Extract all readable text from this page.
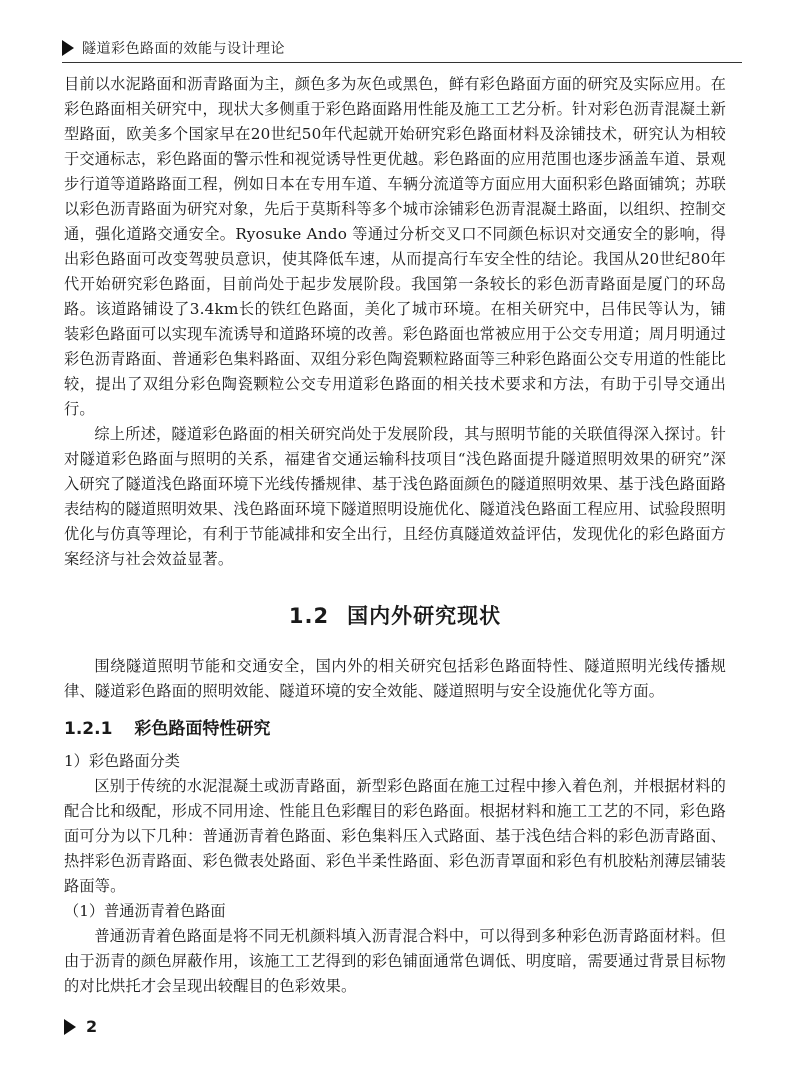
隧道彩色路面的效能与设计理论

目前以水泥路面和沥青路面为主，颜色多为灰色或黑色，鲜有彩色路面方面的研究及实际应用。在彩色路面相关研究中，现状大多侧重于彩色路面路用性能及施工工艺分析。针对彩色沥青混凝土新型路面，欧美多个国家早在20世纪50年代起就开始研究彩色路面材料及涂铺技术，研究认为相较于交通标志，彩色路面的警示性和视觉诱导性更优越。彩色路面的应用范围也逐步涵盖车道、景观步行道等道路路面工程，例如日本在专用车道、车辆分流道等方面应用大面积彩色路面铺筑；苏联以彩色沥青路面为研究对象，先后于莫斯科等多个城市涂铺彩色沥青混凝土路面，以组织、控制交通，强化道路交通安全。Ryosuke Ando 等通过分析交叉口不同颜色标识对交通安全的影响，得出彩色路面可改变驾驶员意识，使其降低车速，从而提高行车安全性的结论。我国从20世纪80年代开始研究彩色路面，目前尚处于起步发展阶段。我国第一条较长的彩色沥青路面是厦门的环岛路。该道路铺设了3.4km长的铁红色路面，美化了城市环境。在相关研究中，吕伟民等认为，铺装彩色路面可以实现车流诱导和道路环境的改善。彩色路面也常被应用于公交专用道；周月明通过彩色沥青路面、普通彩色集料路面、双组分彩色陶瓷颗粒路面等三种彩色路面公交专用道的性能比较，提出了双组分彩色陶瓷颗粒公交专用道彩色路面的相关技术要求和方法，有助于引导交通出行。

综上所述，隧道彩色路面的相关研究尚处于发展阶段，其与照明节能的关联值得深入探讨。针对隧道彩色路面与照明的关系，福建省交通运输科技项目“浅色路面提升隧道照明效果的研究”深入研究了隧道浅色路面环境下光线传播规律、基于浅色路面颜色的隧道照明效果、基于浅色路面路表结构的隧道照明效果、浅色路面环境下隧道照明设施优化、隧道浅色路面工程应用、试验段照明优化与仿真等理论，有利于节能减排和安全出行，且经仿真隧道效益评估，发现优化的彩色路面方案经济与社会效益显著。

1.2 国内外研究现状

围绕隧道照明节能和交通安全，国内外的相关研究包括彩色路面特性、隧道照明光线传播规律、隧道彩色路面的照明效能、隧道环境的安全效能、隧道照明与安全设施优化等方面。

1.2.1 彩色路面特性研究
1）彩色路面分类

区别于传统的水泥混凝土或沥青路面，新型彩色路面在施工过程中掺入着色剂，并根据材料的配合比和级配，形成不同用途、性能且色彩醒目的彩色路面。根据材料和施工工艺的不同，彩色路面可分为以下几种：普通沥青着色路面、彩色集料压入式路面、基于浅色结合料的彩色沥青路面、热拌彩色沥青路面、彩色微表处路面、彩色半柔性路面、彩色沥青罩面和彩色有机胶粘剂薄层铺装路面等。

（1）普通沥青着色路面

普通沥青着色路面是将不同无机颜料填入沥青混合料中，可以得到多种彩色沥青路面材料。但由于沥青的颜色屏蔽作用，该施工工艺得到的彩色铺面通常色调低、明度暗，需要通过背景目标物的对比烘托才会呈现出较醒目的色彩效果。

2
